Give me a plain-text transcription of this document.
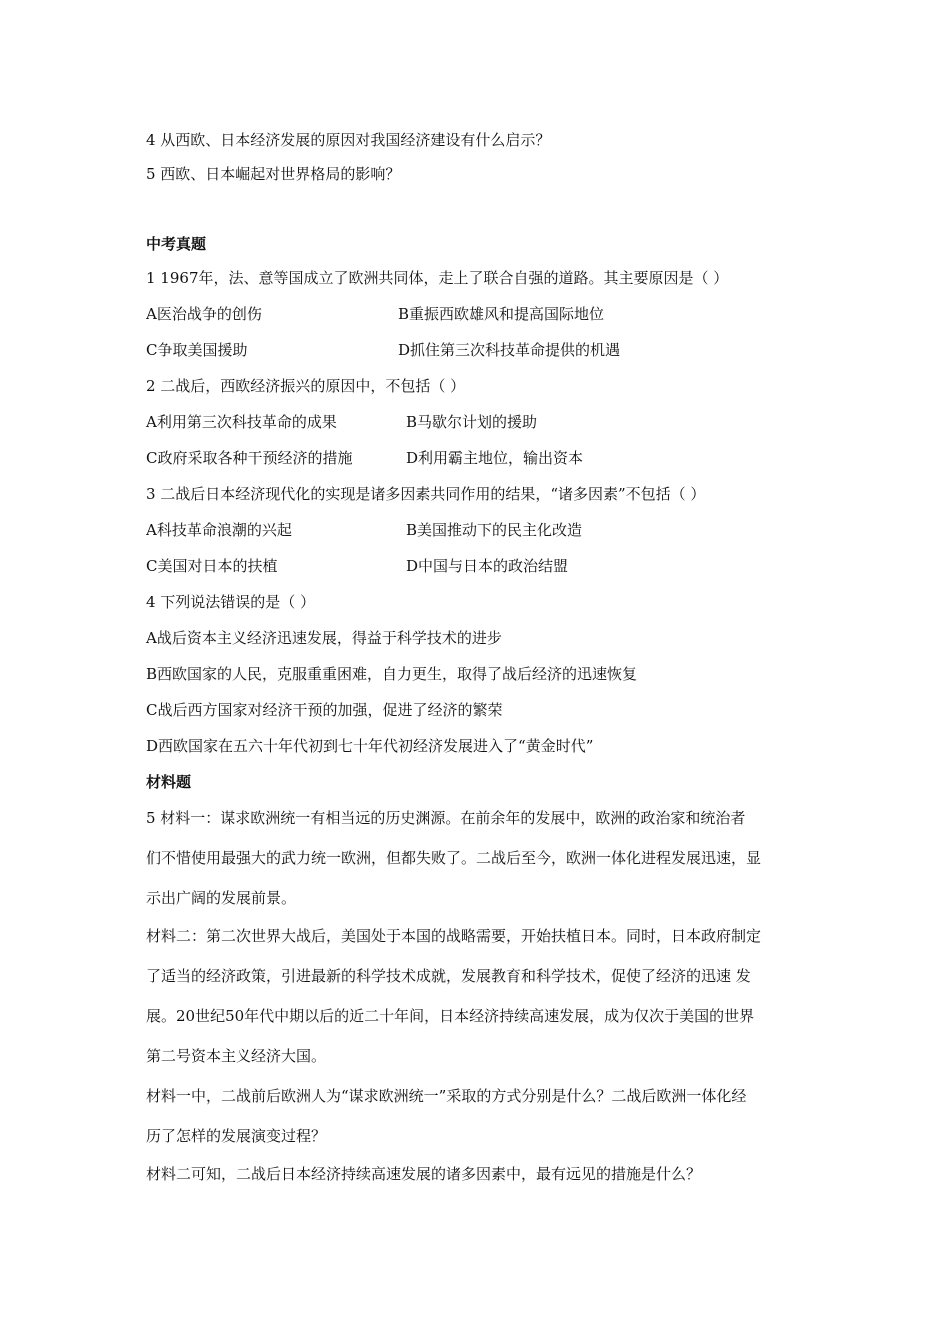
4 从西欧、日本经济发展的原因对我国经济建设有什么启示？
5 西欧、日本崛起对世界格局的影响？
中考真题
1 1967年，法、意等国成立了欧洲共同体，走上了联合自强的道路。其主要原因是（ ）
A医治战争的创伤	B重振西欧雄风和提高国际地位
C争取美国援助	D抓住第三次科技革命提供的机遇
2 二战后，西欧经济振兴的原因中，不包括（ ）
A利用第三次科技革命的成果	B马歇尔计划的援助
C政府采取各种干预经济的措施	D利用霸主地位，输出资本
3 二战后日本经济现代化的实现是诸多因素共同作用的结果，“诸多因素”不包括（ ）
A科技革命浪潮的兴起	B美国推动下的民主化改造
C美国对日本的扶植	D中国与日本的政治结盟
4 下列说法错误的是（ ）
A战后资本主义经济迅速发展，得益于科学技术的进步
B西欧国家的人民，克服重重困难，自力更生，取得了战后经济的迅速恢复
C战后西方国家对经济干预的加强，促进了经济的繁荣
D西欧国家在五六十年代初到七十年代初经济发展进入了“黄金时代”
材料题
5 材料一：谋求欧洲统一有相当远的历史渊源。在前余年的发展中，欧洲的政治家和统治者
们不惜使用最强大的武力统一欧洲，但都失败了。二战后至今，欧洲一体化进程发展迅速，显
示出广阔的发展前景。
材料二：第二次世界大战后，美国处于本国的战略需要，开始扶植日本。同时，日本政府制定
了适当的经济政策，引进最新的科学技术成就，发展教育和科学技术，促使了经济的迅速 发
展。20世纪50年代中期以后的近二十年间，日本经济持续高速发展，成为仅次于美国的世界
第二号资本主义经济大国。
材料一中，二战前后欧洲人为“谋求欧洲统一”采取的方式分别是什么？二战后欧洲一体化经
历了怎样的发展演变过程？
材料二可知，二战后日本经济持续高速发展的诸多因素中，最有远见的措施是什么？
